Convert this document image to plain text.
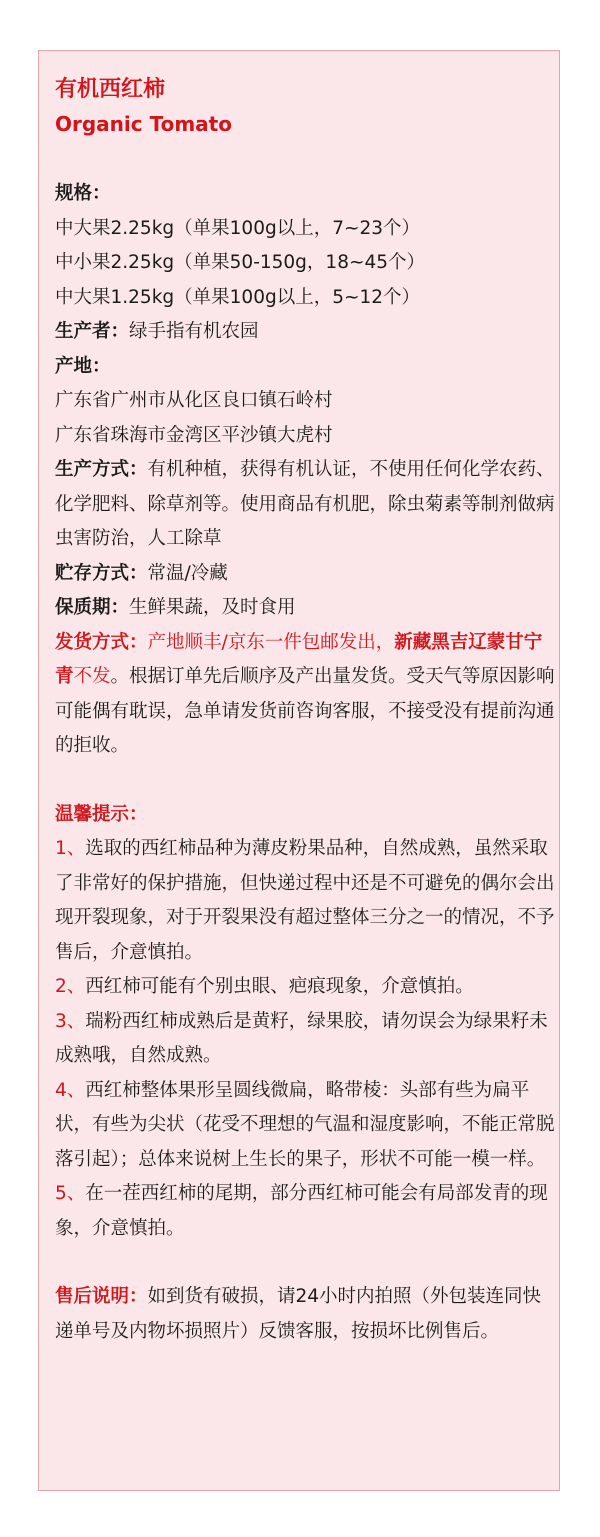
有机西红柿

Organic Tomato

规格：

中大果2.25kg（单果100g以上，7~23个）

中小果2.25kg（单果50-150g，18~45个）

中大果1.25kg（单果100g以上，5~12个）

生产者：绿手指有机农园

产地：

广东省广州市从化区良口镇石岭村

广东省珠海市金湾区平沙镇大虎村

生产方式：有机种植，获得有机认证，不使用任何化学农药、化学肥料、除草剂等。使用商品有机肥，除虫菊素等制剂做病虫害防治，人工除草

贮存方式：常温/冷藏

保质期：生鲜果蔬，及时食用

发货方式：产地顺丰/京东一件包邮发出，新藏黑吉辽蒙甘宁青不发。根据订单先后顺序及产出量发货。受天气等原因影响可能偶有耽误，急单请发货前咨询客服，不接受没有提前沟通的拒收。

温馨提示：

1、选取的西红柿品种为薄皮粉果品种，自然成熟，虽然采取了非常好的保护措施，但快递过程中还是不可避免的偶尔会出现开裂现象，对于开裂果没有超过整体三分之一的情况，不予售后，介意慎拍。

2、西红柿可能有个别虫眼、疤痕现象，介意慎拍。

3、瑞粉西红柿成熟后是黄籽，绿果胶，请勿误会为绿果籽未成熟哦，自然成熟。

4、西红柿整体果形呈圆线微扁，略带棱：头部有些为扁平状，有些为尖状（花受不理想的气温和湿度影响，不能正常脱落引起）；总体来说树上生长的果子，形状不可能一模一样。

5、在一茬西红柿的尾期，部分西红柿可能会有局部发青的现象，介意慎拍。

售后说明：如到货有破损，请24小时内拍照（外包装连同快递单号及内物坏损照片）反馈客服，按损坏比例售后。
